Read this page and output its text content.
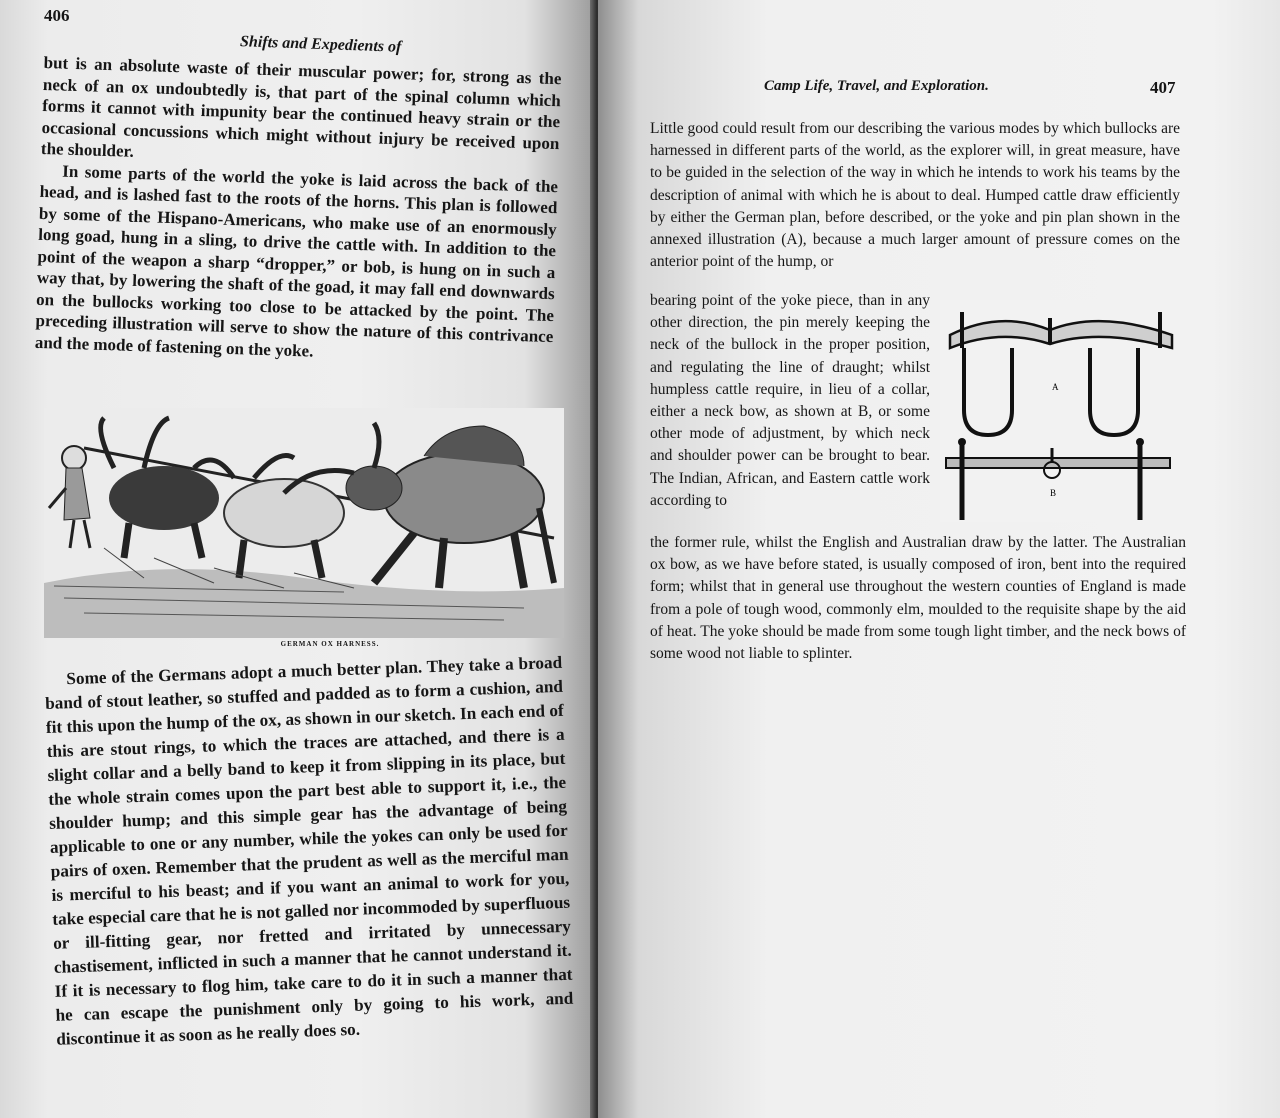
406
Shifts and Expedients of

but is an absolute waste of their muscular power; for, strong as the neck of an ox undoubtedly is, that part of the spinal column which forms it cannot with impunity bear the continued heavy strain or the occasional concussions which might without injury be received upon the shoulder.

In some parts of the world the yoke is laid across the back of the head, and is lashed fast to the roots of the horns. This plan is followed by some of the Hispano-Americans, who make use of an enormously long goad, hung in a sling, to drive the cattle with. In addition to the point of the weapon a sharp “dropper,” or bob, is hung on in such a way that, by lowering the shaft of the goad, it may fall end downwards on the bullocks working too close to be attacked by the point. The preceding illustration will serve to show the nature of this contrivance and the mode of fastening on the yoke.

GERMAN OX HARNESS.

Some of the Germans adopt a much better plan. They take a broad band of stout leather, so stuffed and padded as to form a cushion, and fit this upon the hump of the ox, as shown in our sketch. In each end of this are stout rings, to which the traces are attached, and there is a slight collar and a belly band to keep it from slipping in its place, but the whole strain comes upon the part best able to support it, i.e., the shoulder hump; and this simple gear has the advantage of being applicable to one or any number, while the yokes can only be used for pairs of oxen. Remember that the prudent as well as the merciful man is merciful to his beast; and if you want an animal to work for you, take especial care that he is not galled nor incommoded by superfluous or ill-fitting gear, nor fretted and irritated by unnecessary chastisement, inflicted in such a manner that he cannot understand it. If it is necessary to flog him, take care to do it in such a manner that he can escape the punishment only by going to his work, and discontinue it as soon as he really does so.

Camp Life, Travel, and Exploration.	407

Little good could result from our describing the various modes by which bullocks are harnessed in different parts of the world, as the explorer will, in great measure, have to be guided in the selection of the way in which he intends to work his teams by the description of animal with which he is about to deal. Humped cattle draw efficiently by either the German plan, before described, or the yoke and pin plan shown in the annexed illustration (A), because a much larger amount of pressure comes on the anterior point of the hump, or

bearing point of the yoke piece, than in any other direction, the pin merely keeping the neck of the bullock in the proper position, and regulating the line of draught; whilst humpless cattle require, in lieu of a collar, either a neck bow, as shown at B, or some other mode of adjustment, by which neck and shoulder power can be brought to bear. The Indian, African, and Eastern cattle work according to

A
B

the former rule, whilst the English and Australian draw by the latter. The Australian ox bow, as we have before stated, is usually composed of iron, bent into the required form; whilst that in general use throughout the western counties of England is made from a pole of tough wood, commonly elm, moulded to the requisite shape by the aid of heat. The yoke should be made from some tough light timber, and the neck bows of some wood not liable to splinter.
